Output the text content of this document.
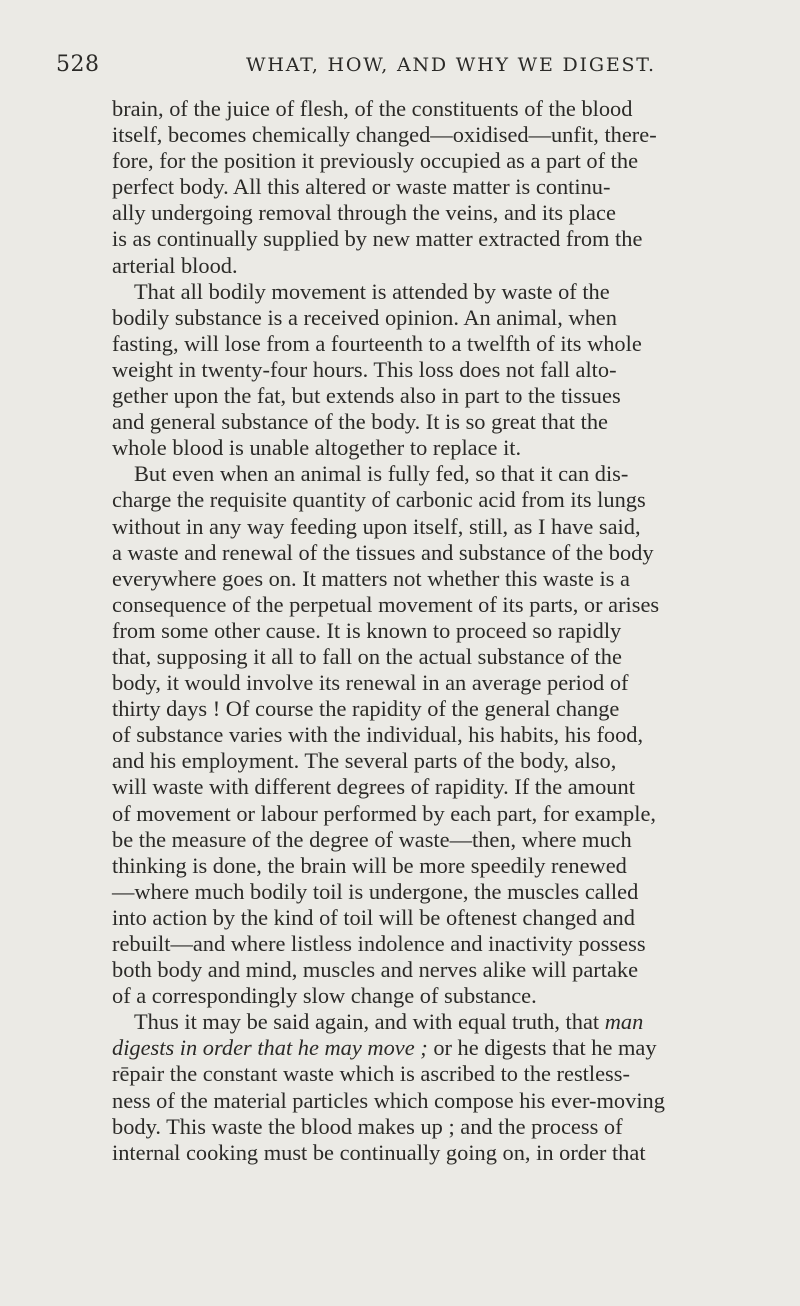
528	WHAT, HOW, AND WHY WE DIGEST.
brain, of the juice of flesh, of the constituents of the blood
itself, becomes chemically changed—oxidised—unfit, there-
fore, for the position it previously occupied as a part of the
perfect body. All this altered or waste matter is continu-
ally undergoing removal through the veins, and its place
is as continually supplied by new matter extracted from the
arterial blood.
That all bodily movement is attended by waste of the
bodily substance is a received opinion. An animal, when
fasting, will lose from a fourteenth to a twelfth of its whole
weight in twenty-four hours. This loss does not fall alto-
gether upon the fat, but extends also in part to the tissues
and general substance of the body. It is so great that the
whole blood is unable altogether to replace it.
But even when an animal is fully fed, so that it can dis-
charge the requisite quantity of carbonic acid from its lungs
without in any way feeding upon itself, still, as I have said,
a waste and renewal of the tissues and substance of the body
everywhere goes on. It matters not whether this waste is a
consequence of the perpetual movement of its parts, or arises
from some other cause. It is known to proceed so rapidly
that, supposing it all to fall on the actual substance of the
body, it would involve its renewal in an average period of
thirty days ! Of course the rapidity of the general change
of substance varies with the individual, his habits, his food,
and his employment. The several parts of the body, also,
will waste with different degrees of rapidity. If the amount
of movement or labour performed by each part, for example,
be the measure of the degree of waste—then, where much
thinking is done, the brain will be more speedily renewed
—where much bodily toil is undergone, the muscles called
into action by the kind of toil will be oftenest changed and
rebuilt—and where listless indolence and inactivity possess
both body and mind, muscles and nerves alike will partake
of a correspondingly slow change of substance.
Thus it may be said again, and with equal truth, that man
digests in order that he may move ; or he digests that he may
rēpair the constant waste which is ascribed to the restless-
ness of the material particles which compose his ever-moving
body. This waste the blood makes up ; and the process of
internal cooking must be continually going on, in order that
